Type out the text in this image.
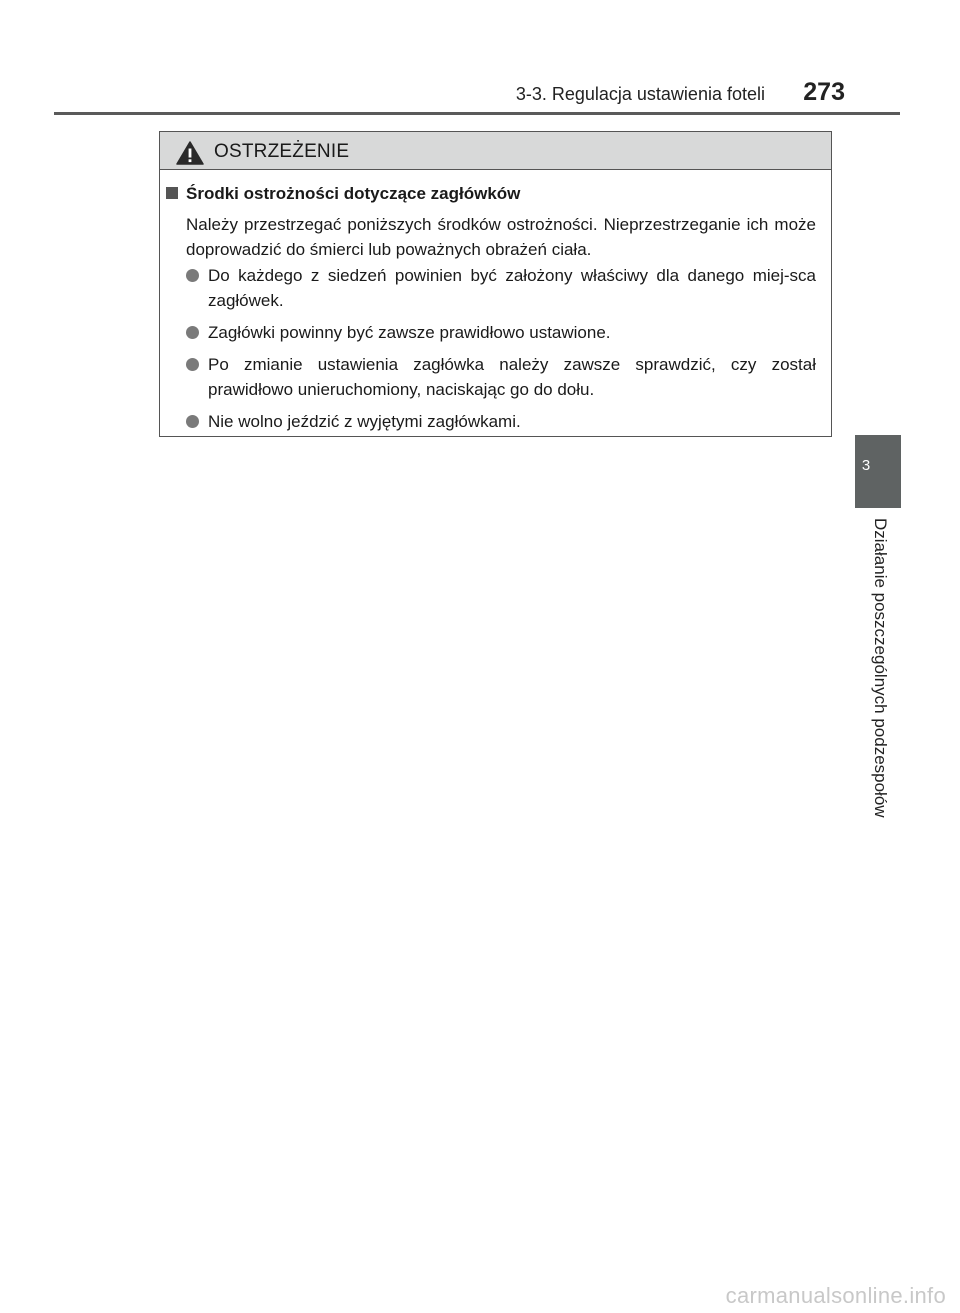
3-3. Regulacja ustawienia foteli 273
3
Działanie poszczególnych podzespołów
OSTRZEŻENIE
Środki ostrożności dotyczące zagłówków
Należy przestrzegać poniższych środków ostrożności. Nieprzestrzeganie ich może doprowadzić do śmierci lub poważnych obrażeń ciała.
Do każdego z siedzeń powinien być założony właściwy dla danego miej-sca zagłówek.
Zagłówki powinny być zawsze prawidłowo ustawione.
Po zmianie ustawienia zagłówka należy zawsze sprawdzić, czy został prawidłowo unieruchomiony, naciskając go do dołu.
Nie wolno jeździć z wyjętymi zagłówkami.
carmanualsonline.info
